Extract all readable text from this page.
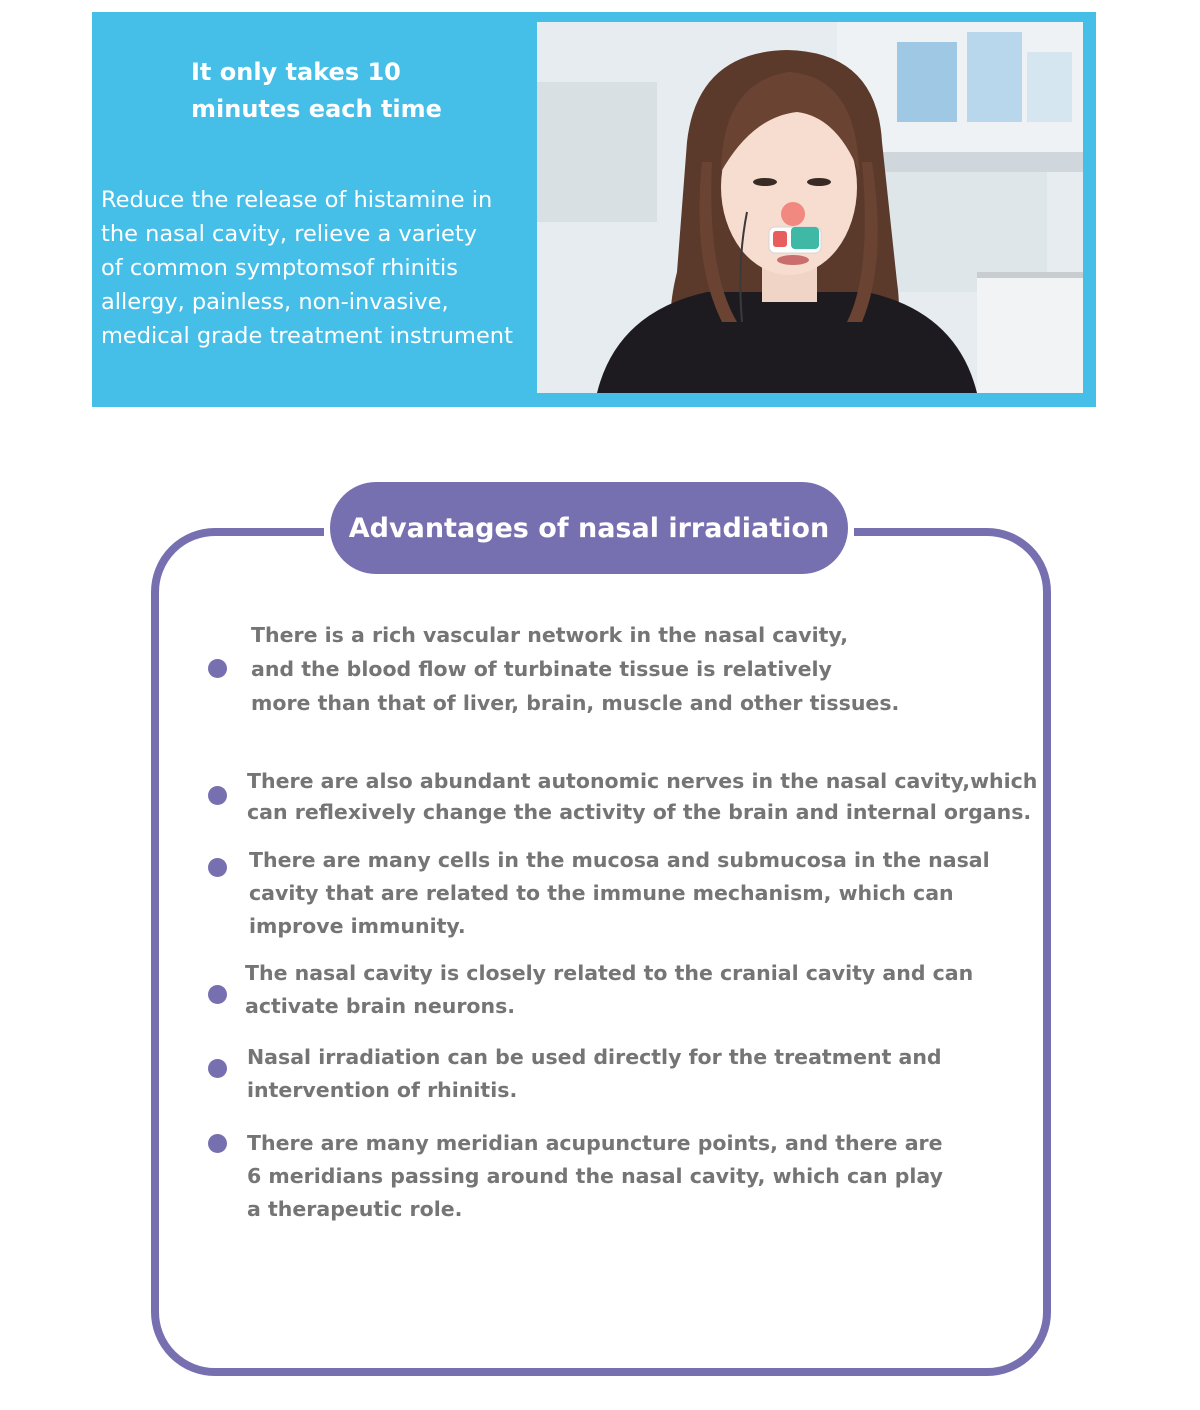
It only takes 10
minutes each time

Reduce the release of histamine in
the nasal cavity, relieve a variety
of common symptomsof rhinitis
allergy, painless, non-invasive,
medical grade treatment instrument

Advantages of nasal irradiation

There is a rich vascular network in the nasal cavity,
and the blood flow of turbinate tissue is relatively
more than that of liver, brain, muscle and other tissues.

There are also abundant autonomic nerves in the nasal cavity,which
can reflexively change the activity of the brain and internal organs.

There are many cells in the mucosa and submucosa in the nasal
cavity that are related to the immune mechanism, which can
improve immunity.

The nasal cavity is closely related to the cranial cavity and can
activate brain neurons.

Nasal irradiation can be used directly for the treatment and
intervention of rhinitis.

There are many meridian acupuncture points, and there are
6 meridians passing around the nasal cavity, which can play
a therapeutic role.
